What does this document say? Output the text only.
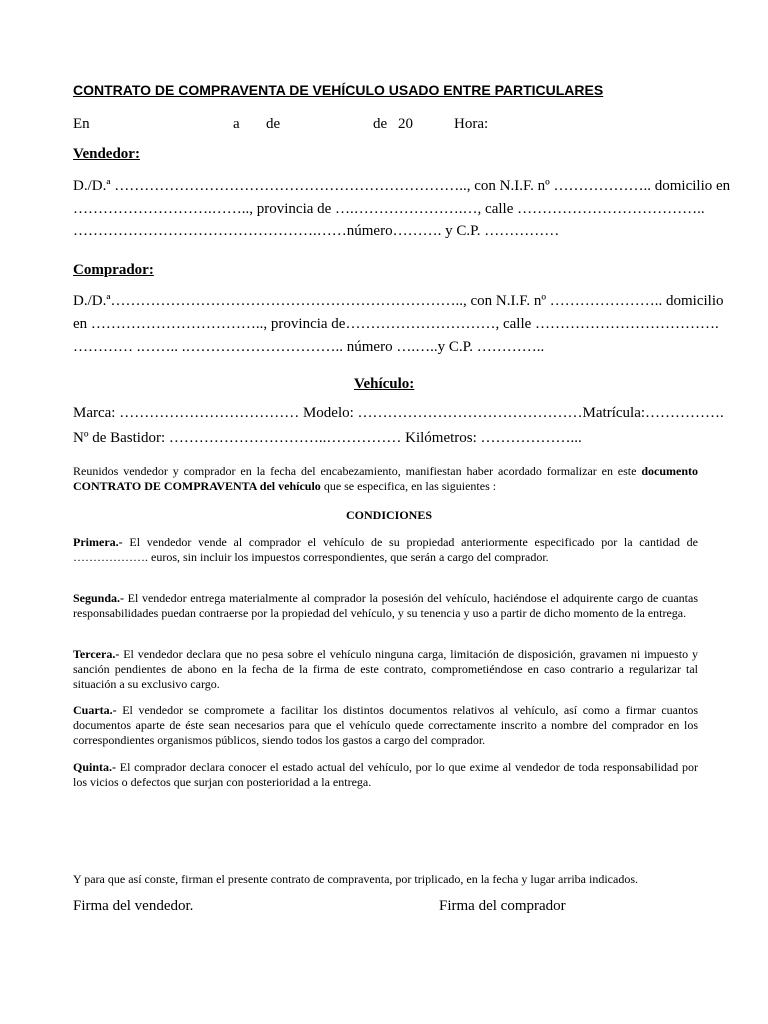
CONTRATO DE COMPRAVENTA DE VEHÍCULO USADO ENTRE PARTICULARES
En	a de	de 20	Hora:
Vendedor:
D./D.ª …………………………………………………………….., con N.I.F. nº ……………….. domicilio en
……………………….…….., provincia de ….………………….…, calle ………………………………..
………………………………………….……número………. y C.P. ……………
Comprador:
D./D.ª…………………………………………………………….., con N.I.F. nº ………………….. domicilio
en …………………………….., provincia de…………………………, calle ……………………………….
………… .…….. .………………………….. número ….…..y C.P. …………..
Vehículo:
Marca: ……………………………… Modelo: ………………………………………Matrícula:…………….
Nº de Bastidor: …………………………..…………… Kilómetros: ………………...
Reunidos vendedor y comprador en la fecha del encabezamiento, manifiestan haber acordado formalizar en este documento CONTRATO DE COMPRAVENTA del vehículo que se especifica, en las siguientes :
CONDICIONES
Primera.- El vendedor vende al comprador el vehículo de su propiedad anteriormente especificado por la cantidad de ………………. euros, sin incluir los impuestos correspondientes, que serán a cargo del comprador.
Segunda.- El vendedor entrega materialmente al comprador la posesión del vehículo, haciéndose el adquirente cargo de cuantas responsabilidades puedan contraerse por la propiedad del vehículo, y su tenencia y uso a partir de dicho momento de la entrega.
Tercera.- El vendedor declara que no pesa sobre el vehículo ninguna carga, limitación de disposición, gravamen ni impuesto y sanción pendientes de abono en la fecha de la firma de este contrato, comprometiéndose en caso contrario a regularizar tal situación a su exclusivo cargo.
Cuarta.- El vendedor se compromete a facilitar los distintos documentos relativos al vehículo, así como a firmar cuantos documentos aparte de éste sean necesarios para que el vehículo quede correctamente inscrito a nombre del comprador en los correspondientes organismos públicos, siendo todos los gastos a cargo del comprador.
Quinta.- El comprador declara conocer el estado actual del vehículo, por lo que exime al vendedor de toda responsabilidad por los vicios o defectos que surjan con posterioridad a la entrega.
Y para que así conste, firman el presente contrato de compraventa, por triplicado, en la fecha y lugar arriba indicados.
Firma del vendedor.	Firma del comprador
